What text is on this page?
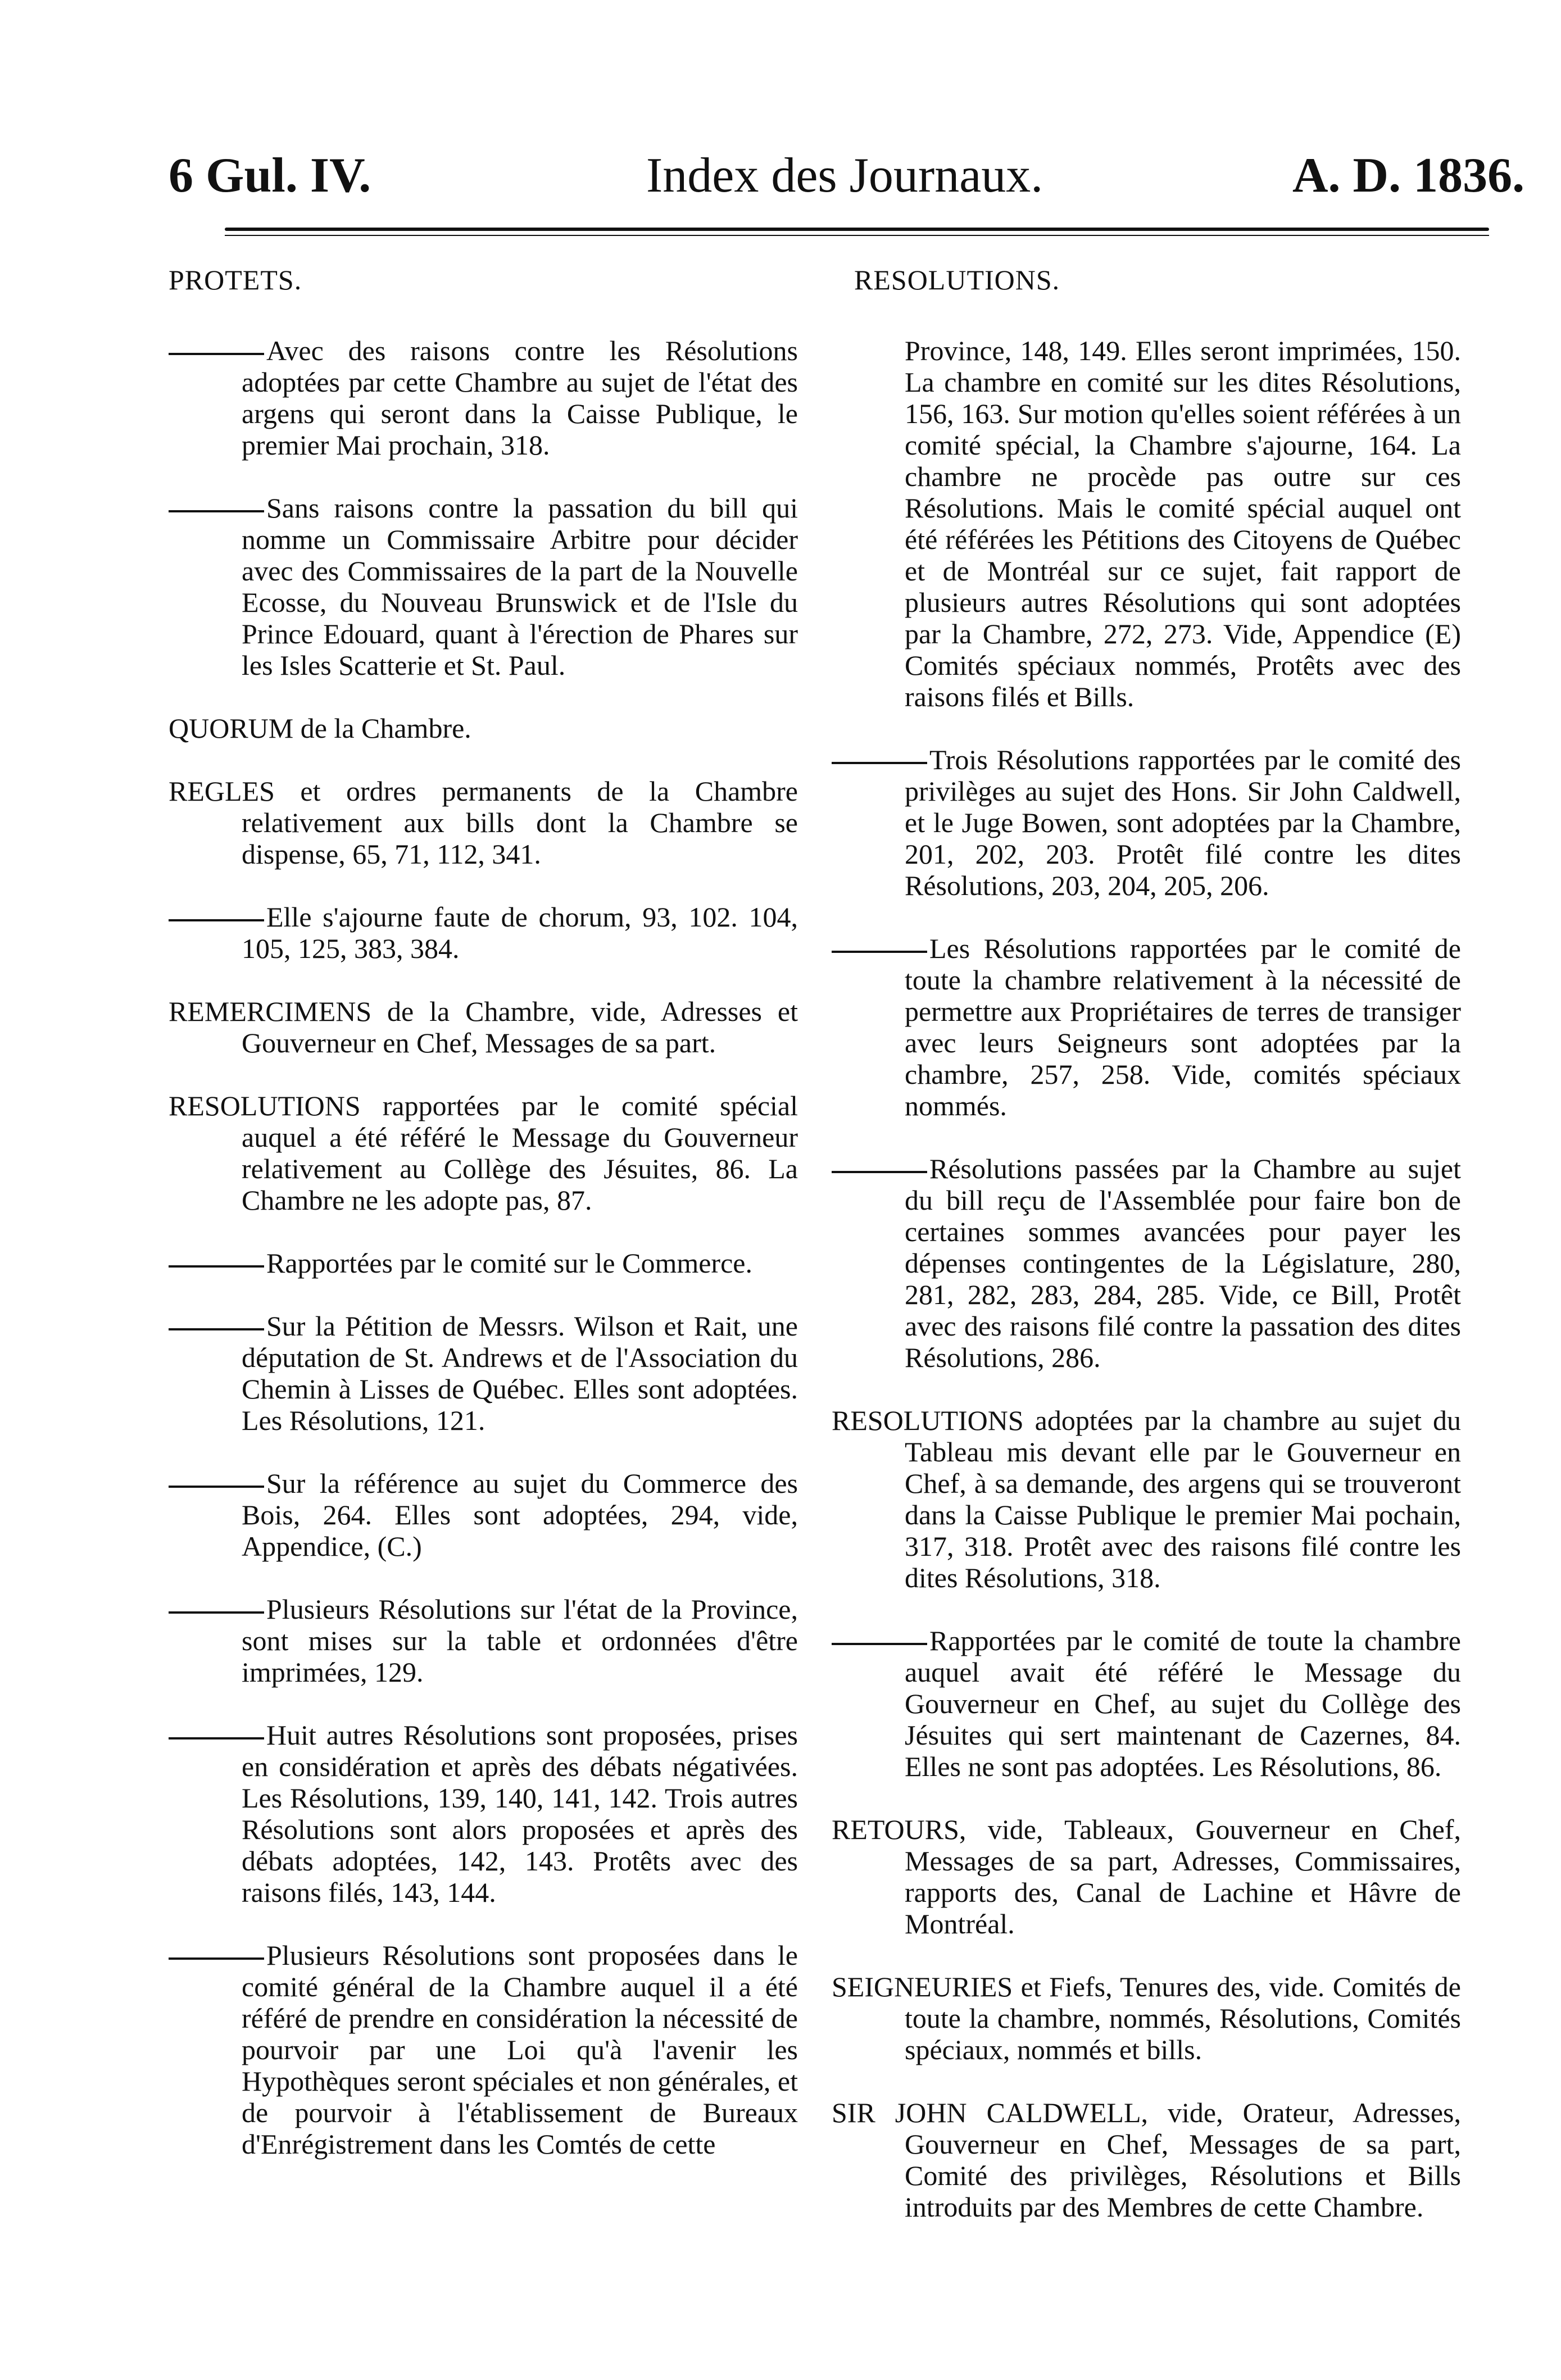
6 Gul. IV.	Index des Journaux.	A. D. 1836.
PROTETS.
Avec des raisons contre les Résolutions adoptées par cette Chambre au sujet de l'état des argens qui seront dans la Caisse Publique, le premier Mai prochain, 318.
Sans raisons contre la passation du bill qui nomme un Commissaire Arbitre pour décider avec des Commissaires de la part de la Nouvelle Ecosse, du Nouveau Brunswick et de l'Isle du Prince Edouard, quant à l'érection de Phares sur les Isles Scatterie et St. Paul.
QUORUM de la Chambre.
REGLES et ordres permanents de la Chambre relativement aux bills dont la Chambre se dispense, 65, 71, 112, 341.
Elle s'ajourne faute de chorum, 93, 102. 104, 105, 125, 383, 384.
REMERCIMENS de la Chambre, vide, Adresses et Gouverneur en Chef, Messages de sa part.
RESOLUTIONS rapportées par le comité spécial auquel a été référé le Message du Gouverneur relativement au Collège des Jésuites, 86. La Chambre ne les adopte pas, 87.
Rapportées par le comité sur le Commerce.
Sur la Pétition de Messrs. Wilson et Rait, une députation de St. Andrews et de l'Association du Chemin à Lisses de Québec. Elles sont adoptées. Les Résolutions, 121.
Sur la référence au sujet du Commerce des Bois, 264. Elles sont adoptées, 294, vide, Appendice, (C.)
Plusieurs Résolutions sur l'état de la Province, sont mises sur la table et ordonnées d'être imprimées, 129.
Huit autres Résolutions sont proposées, prises en considération et après des débats négativées. Les Résolutions, 139, 140, 141, 142. Trois autres Résolutions sont alors proposées et après des débats adoptées, 142, 143. Protêts avec des raisons filés, 143, 144.
Plusieurs Résolutions sont proposées dans le comité général de la Chambre auquel il a été référé de prendre en considération la nécessité de pourvoir par une Loi qu'à l'avenir les Hypothèques seront spéciales et non générales, et de pourvoir à l'établissement de Bureaux d'Enrégistrement dans les Comtés de cette
RESOLUTIONS.
Province, 148, 149. Elles seront imprimées, 150. La chambre en comité sur les dites Résolutions, 156, 163. Sur motion qu'elles soient référées à un comité spécial, la Chambre s'ajourne, 164. La chambre ne procède pas outre sur ces Résolutions. Mais le comité spécial auquel ont été référées les Pétitions des Citoyens de Québec et de Montréal sur ce sujet, fait rapport de plusieurs autres Résolutions qui sont adoptées par la Chambre, 272, 273. Vide, Appendice (E) Comités spéciaux nommés, Protêts avec des raisons filés et Bills.
Trois Résolutions rapportées par le comité des privilèges au sujet des Hons. Sir John Caldwell, et le Juge Bowen, sont adoptées par la Chambre, 201, 202, 203. Protêt filé contre les dites Résolutions, 203, 204, 205, 206.
Les Résolutions rapportées par le comité de toute la chambre relativement à la nécessité de permettre aux Propriétaires de terres de transiger avec leurs Seigneurs sont adoptées par la chambre, 257, 258. Vide, comités spéciaux nommés.
Résolutions passées par la Chambre au sujet du bill reçu de l'Assemblée pour faire bon de certaines sommes avancées pour payer les dépenses contingentes de la Législature, 280, 281, 282, 283, 284, 285. Vide, ce Bill, Protêt avec des raisons filé contre la passation des dites Résolutions, 286.
RESOLUTIONS adoptées par la chambre au sujet du Tableau mis devant elle par le Gouverneur en Chef, à sa demande, des argens qui se trouveront dans la Caisse Publique le premier Mai pochain, 317, 318. Protêt avec des raisons filé contre les dites Résolutions, 318.
Rapportées par le comité de toute la chambre auquel avait été référé le Message du Gouverneur en Chef, au sujet du Collège des Jésuites qui sert maintenant de Cazernes, 84. Elles ne sont pas adoptées. Les Résolutions, 86.
RETOURS, vide, Tableaux, Gouverneur en Chef, Messages de sa part, Adresses, Commissaires, rapports des, Canal de Lachine et Hâvre de Montréal.
SEIGNEURIES et Fiefs, Tenures des, vide. Comités de toute la chambre, nommés, Résolutions, Comités spéciaux, nommés et bills.
SIR JOHN CALDWELL, vide, Orateur, Adresses, Gouverneur en Chef, Messages de sa part, Comité des privilèges, Résolutions et Bills introduits par des Membres de cette Chambre.
